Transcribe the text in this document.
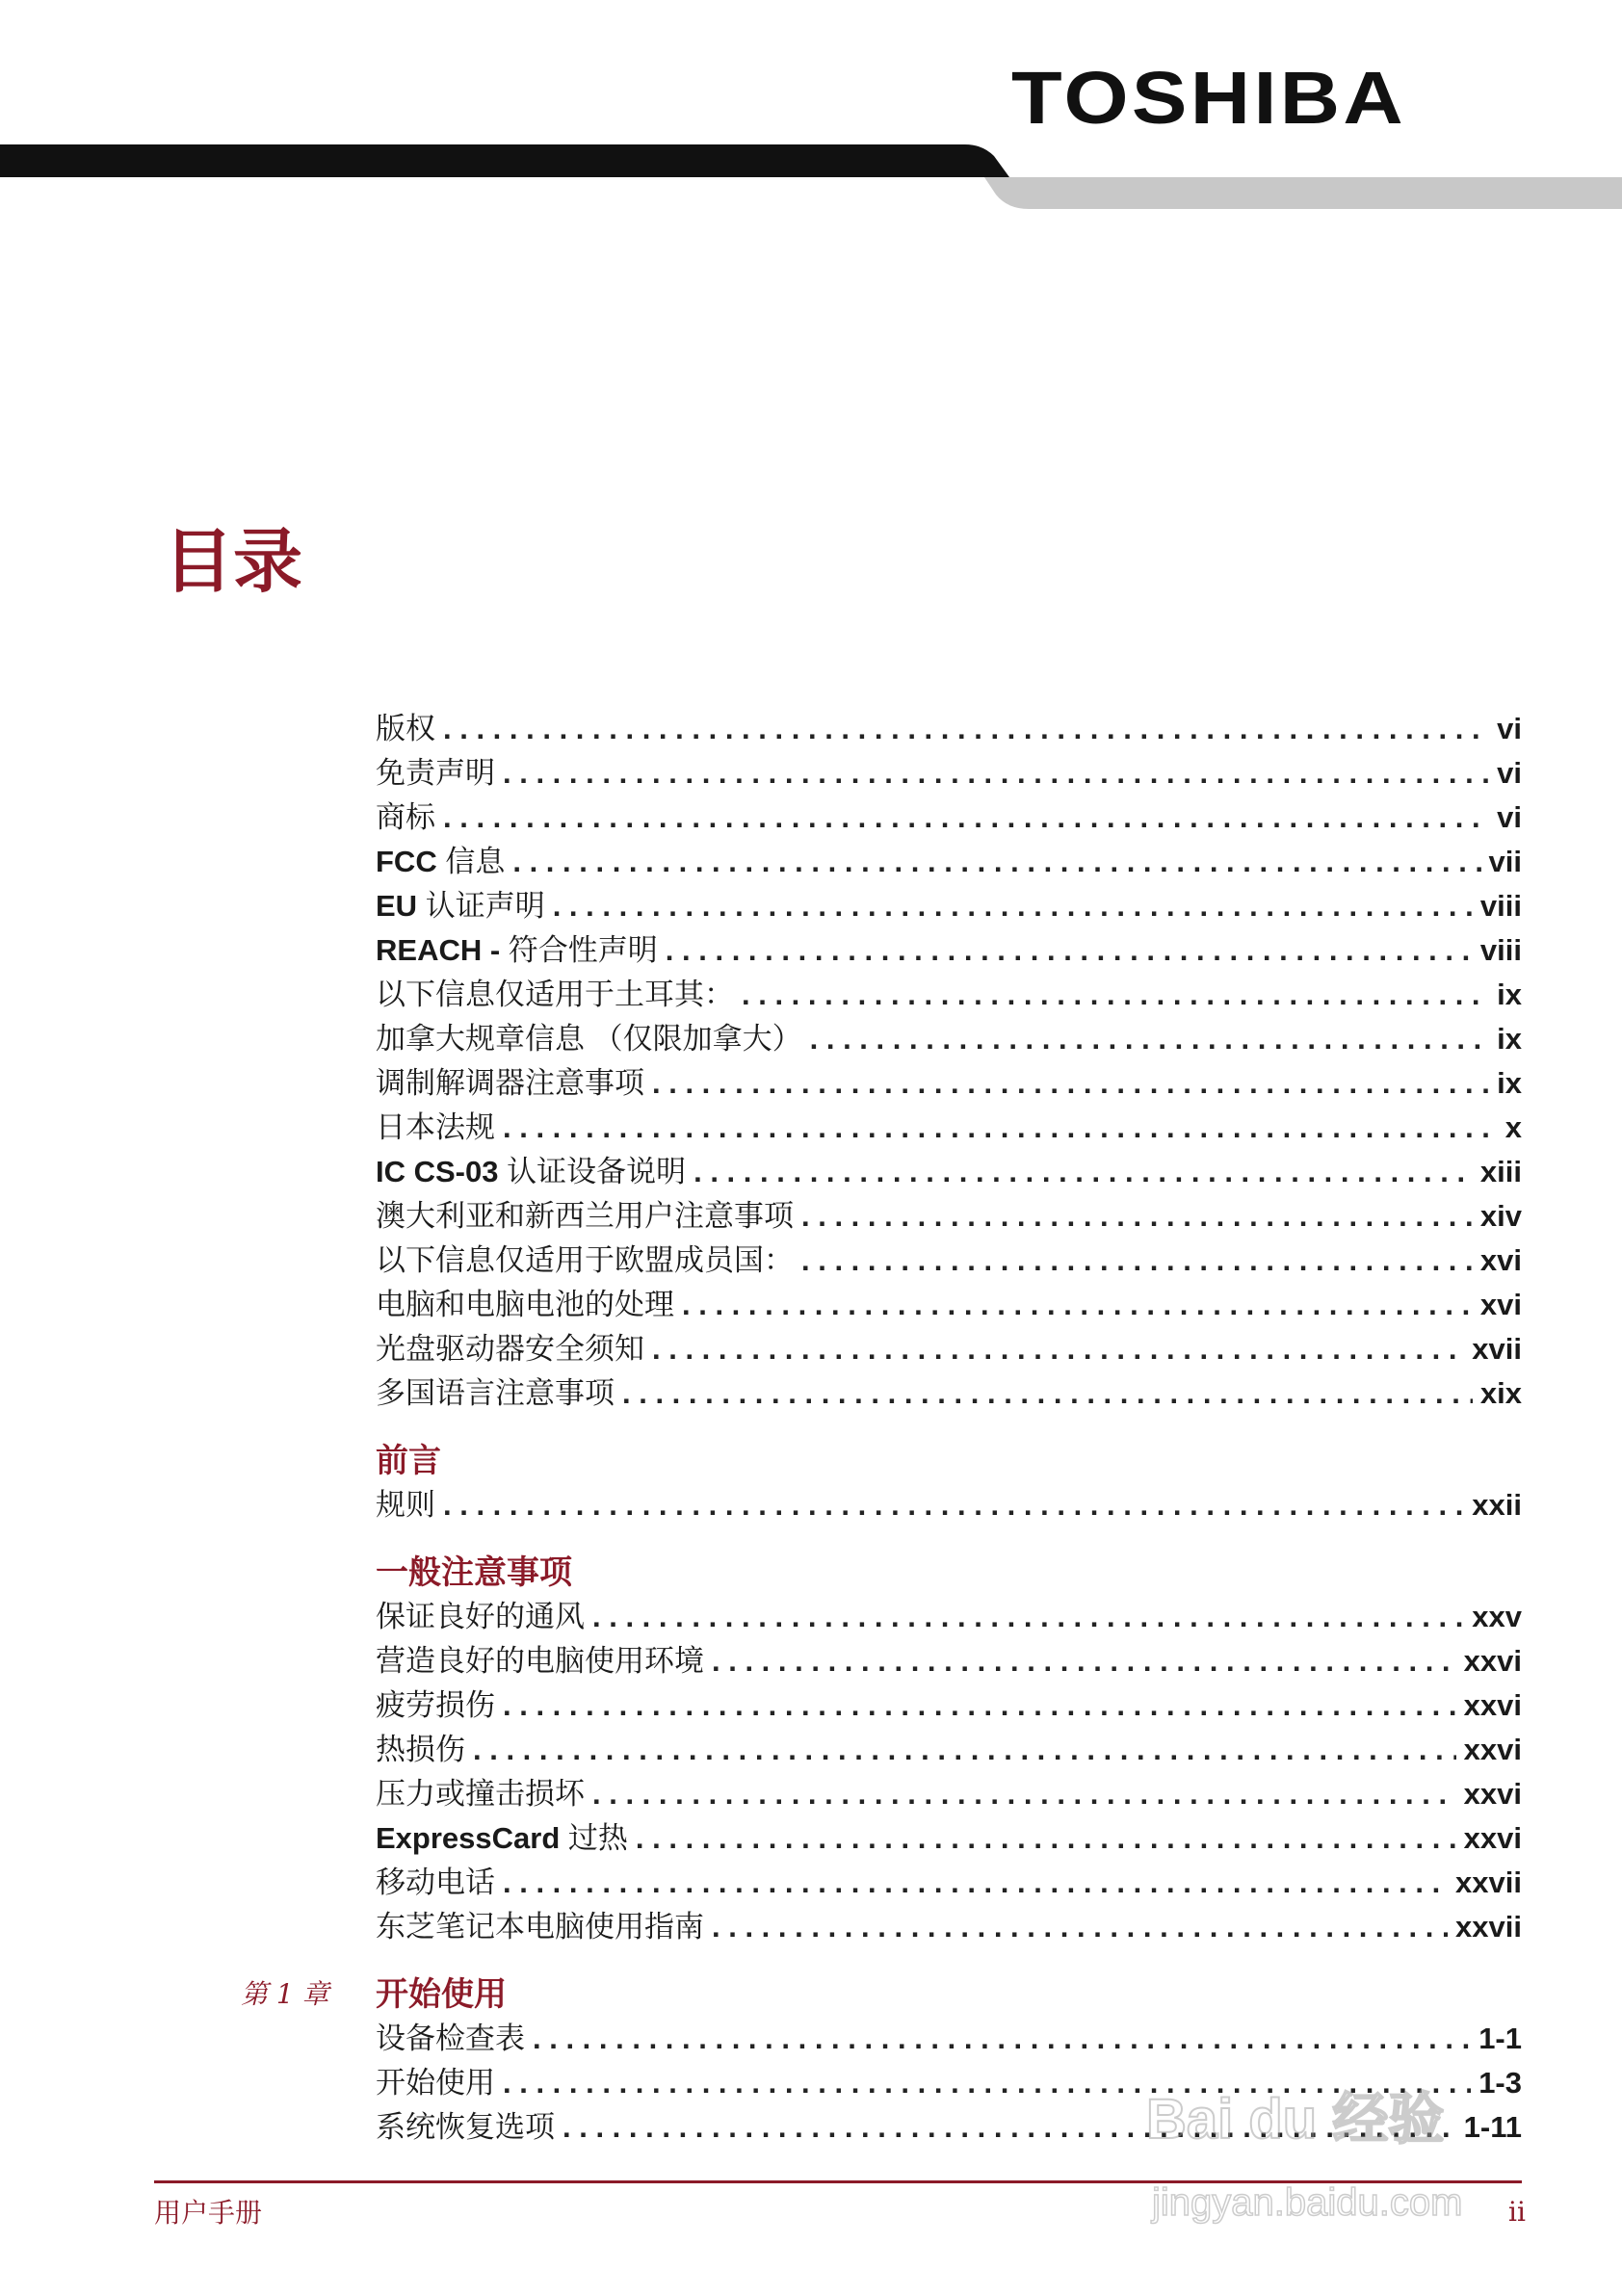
TOSHIBA
目录
版权 . . .	vi
免责声明 . . .	vi
商标 . . .	vi
FCC 信息 . . .	vii
EU 认证声明 . . .	viii
REACH - 符合性声明 . . .	viii
以下信息仅适用于土耳其： . . .	ix
加拿大规章信息 （仅限加拿大） . . .	ix
调制解调器注意事项 . . .	ix
日本法规 . . .	x
IC CS-03 认证设备说明 . . .	xiii
澳大利亚和新西兰用户注意事项 . . .	xiv
以下信息仅适用于欧盟成员国： . . .	xvi
电脑和电脑电池的处理 . . .	xvi
光盘驱动器安全须知 . . .	xvii
多国语言注意事项 . . .	xix
前言
规则 . . .	xxii
一般注意事项
保证良好的通风 . . .	xxv
营造良好的电脑使用环境 . . .	xxvi
疲劳损伤 . . .	xxvi
热损伤 . . .	xxvi
压力或撞击损坏 . . .	xxvi
ExpressCard 过热 . . .	xxvi
移动电话 . . .	xxvii
东芝笔记本电脑使用指南 . . .	xxvii
第 1 章 开始使用
设备检查表 . . .	1-1
开始使用 . . .	1-3
系统恢复选项 . . .	1-11
用户手册	ii
Bai du 经验
jingyan.baidu.com
